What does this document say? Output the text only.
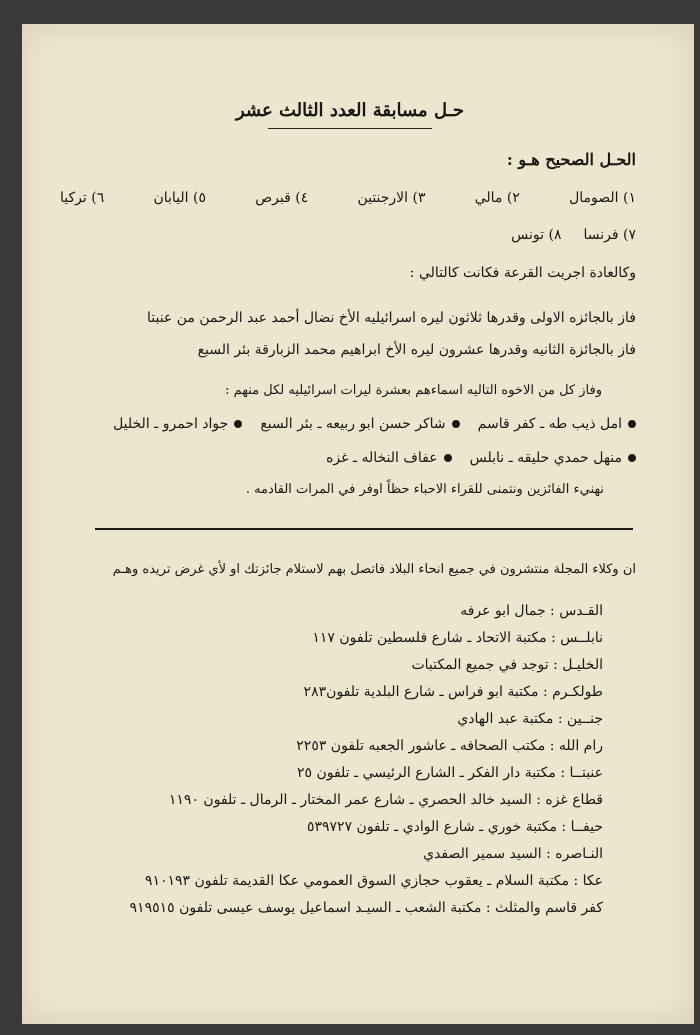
حـل مسابقة العدد الثالث عشر
الحـل الصحيح هـو :
١) الصومال
٢) مالي
٣) الارجنتين
٤) قبرص
٥) اليابان
٦) تركيا
٧) فرنسا
٨) تونس
وكالعادة اجريت القرعة فكانت كالتالي :
فاز بالجائزه الاولى وقدرها ثلاثون ليره اسرائيليه الأخ نضال أحمد عبد الرحمن من عنبتا
فاز بالجائزة الثانيه وقدرها عشرون ليره الأخ ابراهيم محمد الزبارقة بئر السبع
وفاز كل من الاخوه التاليه اسماءهم بعشرة ليرات اسرائيليه لكل منهم :
امل ذيب طه ـ كفر قاسم
شاكر حسن ابو ربيعه ـ بئر السبع
جواد احمرو ـ الخليل
منهل حمدي حليقه ـ نابلس
عفاف النخاله ـ غزه
نهنيء الفائزين ونتمنى للقراء الاحباء حظاً اوفر في المرات القادمه .
ان وكلاء المجلة منتشرون في جميع انحاء البلاد فاتصل بهم لاستلام جائزتك او لأي غرض تريده وهـم
القـدس : جمال ابو عرفه
نابلــس : مكتبة الاتحاد ـ شارع فلسطين تلفون ١١٧
الخليـل : توجد في جميع المكتبات
طولكـرم : مكتبة ابو فراس ـ شارع البلدية تلفون٢٨٣
جنــين : مكتبة عبد الهادي
رام الله : مكتب الصحافه ـ عاشور الجعبه تلفون ٢٢٥٣
عنبتــا : مكتبة دار الفكر ـ الشارع الرئيسي ـ تلفون ٢٥
قطاع غزه : السيد خالد الحصري ـ شارع عمر المختار ـ الرمال ـ تلفون ١١٩٠
حيفــا : مكتبة خوري ـ شارع الوادي ـ تلفون ٥٣٩٧٢٧
النـاصره : السيد سمير الصفدي
عكا : مكتبة السلام ـ يعقوب حجازي السوق العمومي عكا القديمة تلفون ٩١٠١٩٣
كفر قاسم والمثلث : مكتبة الشعب ـ السيـد اسماعيل يوسف عيسى تلفون ٩١٩٥١٥
